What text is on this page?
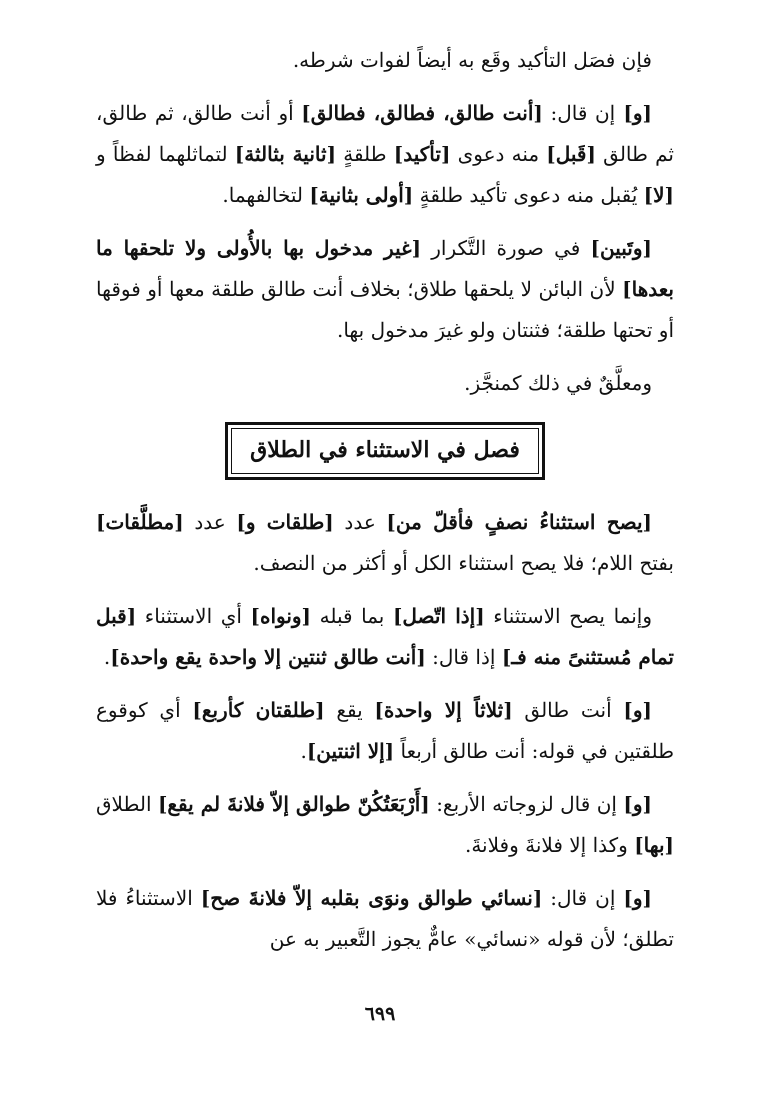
فإن فصَل التأكيد وقَع به أيضاً لفوات شرطه.

[و] إن قال: [أنت طالق، فطالق، فطالق] أو أنت طالق، ثم طالق، ثم طالق [قَبل] منه دعوى [تأكيد] طلقةٍ [ثانية بثالثة] لتماثلهما لفظاً و [لا] يُقبل منه دعوى تأكيد طلقةٍ [أولى بثانية] لتخالفهما.

[وتَبين] في صورة التَّكرار [غير مدخول بها بالأُولى ولا تلحقها ما بعدها] لأن البائن لا يلحقها طلاق؛ بخلاف أنت طالق طلقة معها أو فوقها أو تحتها طلقة؛ فثنتان ولو غيرَ مدخول بها.

ومعلَّقٌ في ذلك كمنجَّز.

فصل في الاستثناء في الطلاق

[يصح استثناءُ نصفٍ فأقلّ من] عدد [طلقات و] عدد [مطلَّقات] بفتح اللام؛ فلا يصح استثناء الكل أو أكثر من النصف.

وإنما يصح الاستثناء [إذا اتّصل] بما قبله [ونواه] أي الاستثناء [قبل تمام مُستثنىً منه فـ] إذا قال: [أنت طالق ثنتين إلا واحدة يقع واحدة].

[و] أنت طالق [ثلاثاً إلا واحدة] يقع [طلقتان كأربع] أي كوقوع طلقتين في قوله: أنت طالق أربعاً [إلا اثنتين].

[و] إن قال لزوجاته الأربع: [أَرْبَعَتُكُنّ طوالق إلاّ فلانةَ لم يقع] الطلاق [بها] وكذا إلا فلانةَ وفلانةَ.

[و] إن قال: [نسائي طوالق ونوَى بقلبه إلاّ فلانةَ صح] الاستثناءُ فلا تطلق؛ لأن قوله «نسائي» عامٌّ يجوز التَّعبير به عن

٦٩٩
